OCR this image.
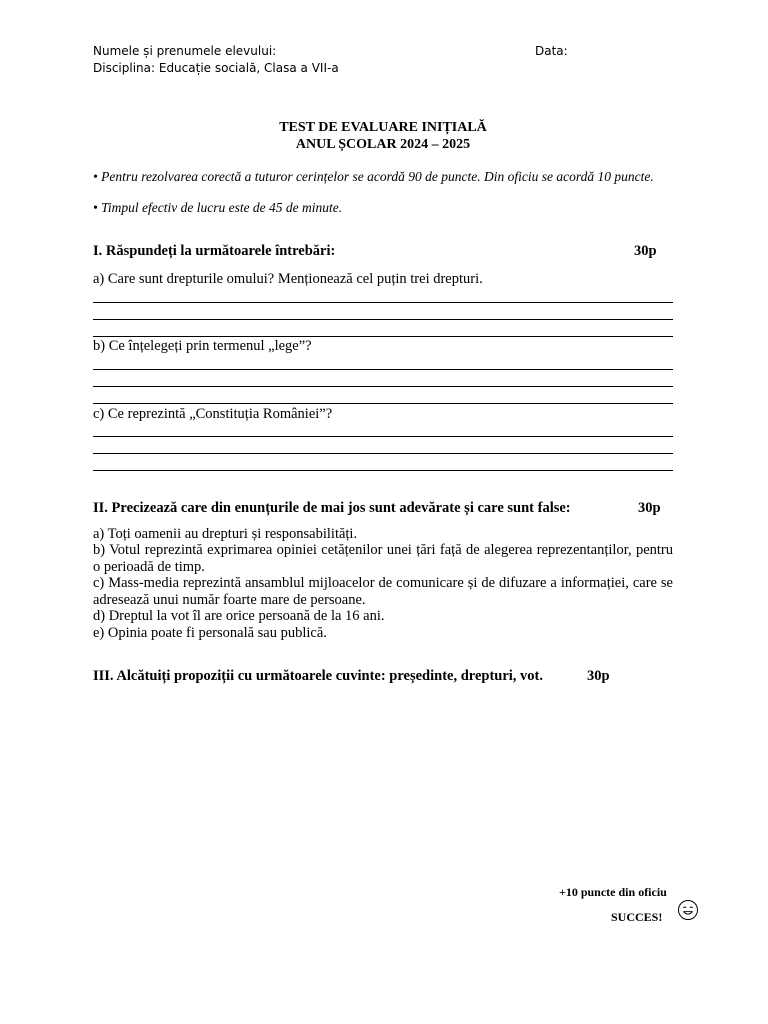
Numele și prenumele elevului:	Data:
Disciplina: Educație socială, Clasa a VII-a
TEST DE EVALUARE INIȚIALĂ
ANUL ȘCOLAR 2024 – 2025
• Pentru rezolvarea corectă a tuturor cerințelor se acordă 90 de puncte. Din oficiu se acordă 10 puncte.
• Timpul efectiv de lucru este de 45 de minute.
I. Răspundeți la următoarele întrebări:	30p
a) Care sunt drepturile omului? Menționează cel puțin trei drepturi.
b) Ce înțelegeți prin termenul „lege”?
c) Ce reprezintă „Constituția României”?
II. Precizează care din enunțurile de mai jos sunt adevărate și care sunt false:	30p
a) Toți oamenii au drepturi și responsabilități.
b) Votul reprezintă exprimarea opiniei cetățenilor unei țări față de alegerea reprezentanților, pentru o perioadă de timp.
c) Mass-media reprezintă ansamblul mijloacelor de comunicare și de difuzare a informației, care se adresează unui număr foarte mare de persoane.
d) Dreptul la vot îl are orice persoană de la 16 ani.
e) Opinia poate fi personală sau publică.
III. Alcătuiți propoziții cu următoarele cuvinte: președinte, drepturi, vot.	30p
+10 puncte din oficiu
SUCCES!
